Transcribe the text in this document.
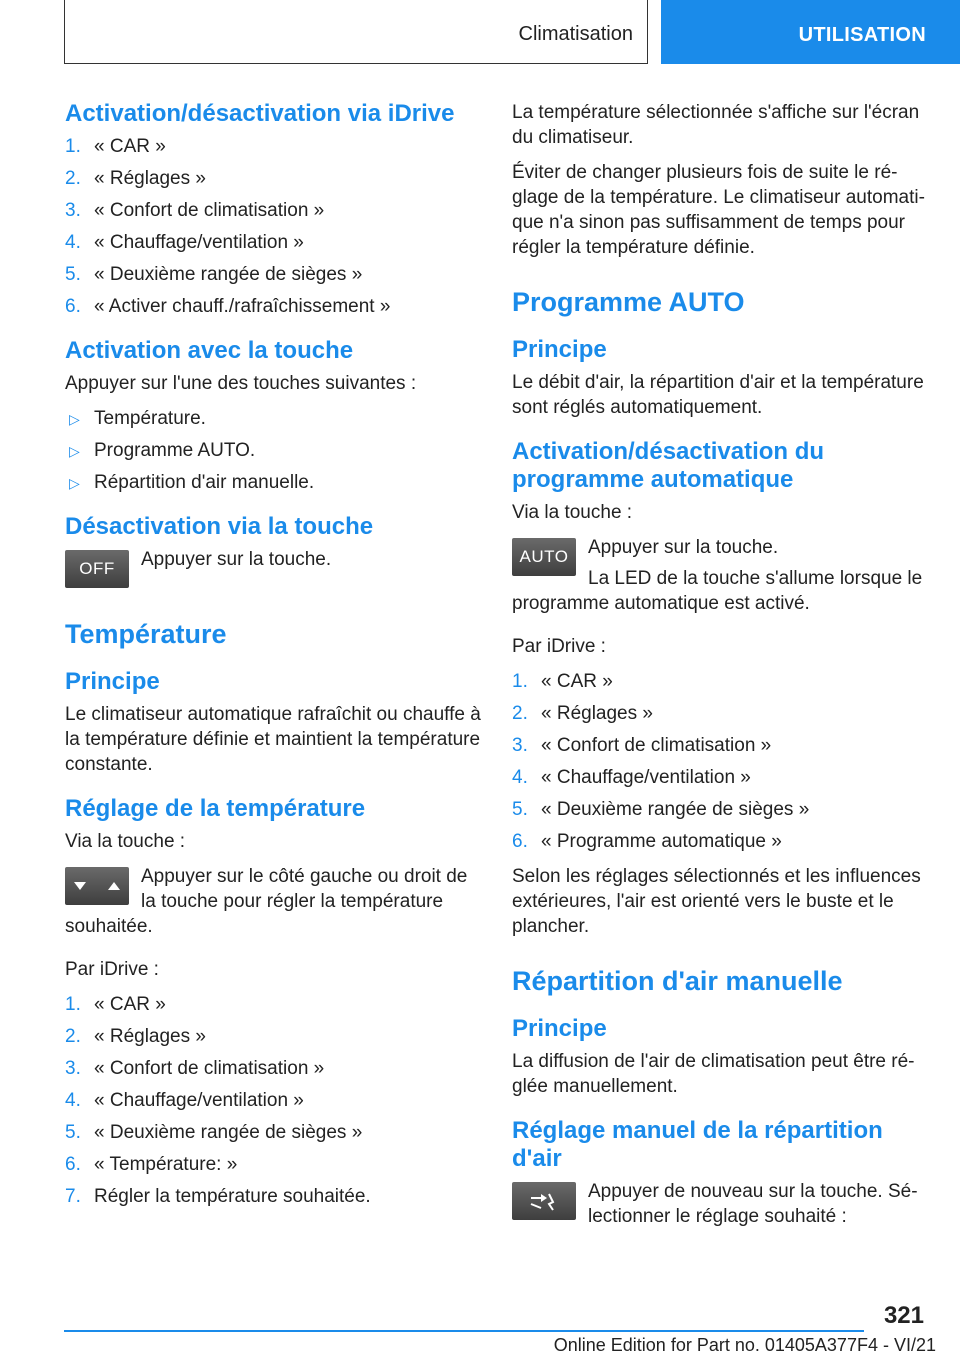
Climatisation	UTILISATION
Activation/désactivation via iDrive
1. « CAR »
2. « Réglages »
3. « Confort de climatisation »
4. « Chauffage/ventilation »
5. « Deuxième rangée de sièges »
6. « Activer chauff./rafraîchissement »
Activation avec la touche

Appuyer sur l'une des touches suivantes :

▷ Température.
▷ Programme AUTO.
▷ Répartition d'air manuelle.
Désactivation via la touche
OFF Appuyer sur la touche.

Température
Principe

Le climatiseur automatique rafraîchit ou chauffe à la température définie et maintient la température constante.

Réglage de la température

Via la touche :

Appuyer sur le côté gauche ou droit de la touche pour régler la température

souhaitée.

Par iDrive :

1. « CAR »
2. « Réglages »
3. « Confort de climatisation »
4. « Chauffage/ventilation »
5. « Deuxième rangée de sièges »
6. « Température: »
7. Régler la température souhaitée.

La température sélectionnée s'affiche sur l'écran du climatiseur.

Éviter de changer plusieurs fois de suite le réglage de la température. Le climatiseur automatique n'a sinon pas suffisamment de temps pour régler la température définie.

Programme AUTO
Principe

Le débit d'air, la répartition d'air et la température sont réglés automatiquement.

Activation/désactivation du programme automatique

Via la touche :

AUTO Appuyer sur la touche.

La LED de la touche s'allume lorsque le

programme automatique est activé.

Par iDrive :

1. « CAR »
2. « Réglages »
3. « Confort de climatisation »
4. « Chauffage/ventilation »
5. « Deuxième rangée de sièges »
6. « Programme automatique »

Selon les réglages sélectionnés et les influences extérieures, l'air est orienté vers le buste et le plancher.

Répartition d'air manuelle
Principe

La diffusion de l'air de climatisation peut être réglée manuellement.

Réglage manuel de la répartition d'air

Appuyer de nouveau sur la touche. Sélectionner le réglage souhaité :

321
Online Edition for Part no. 01405A377F4 - VI/21
